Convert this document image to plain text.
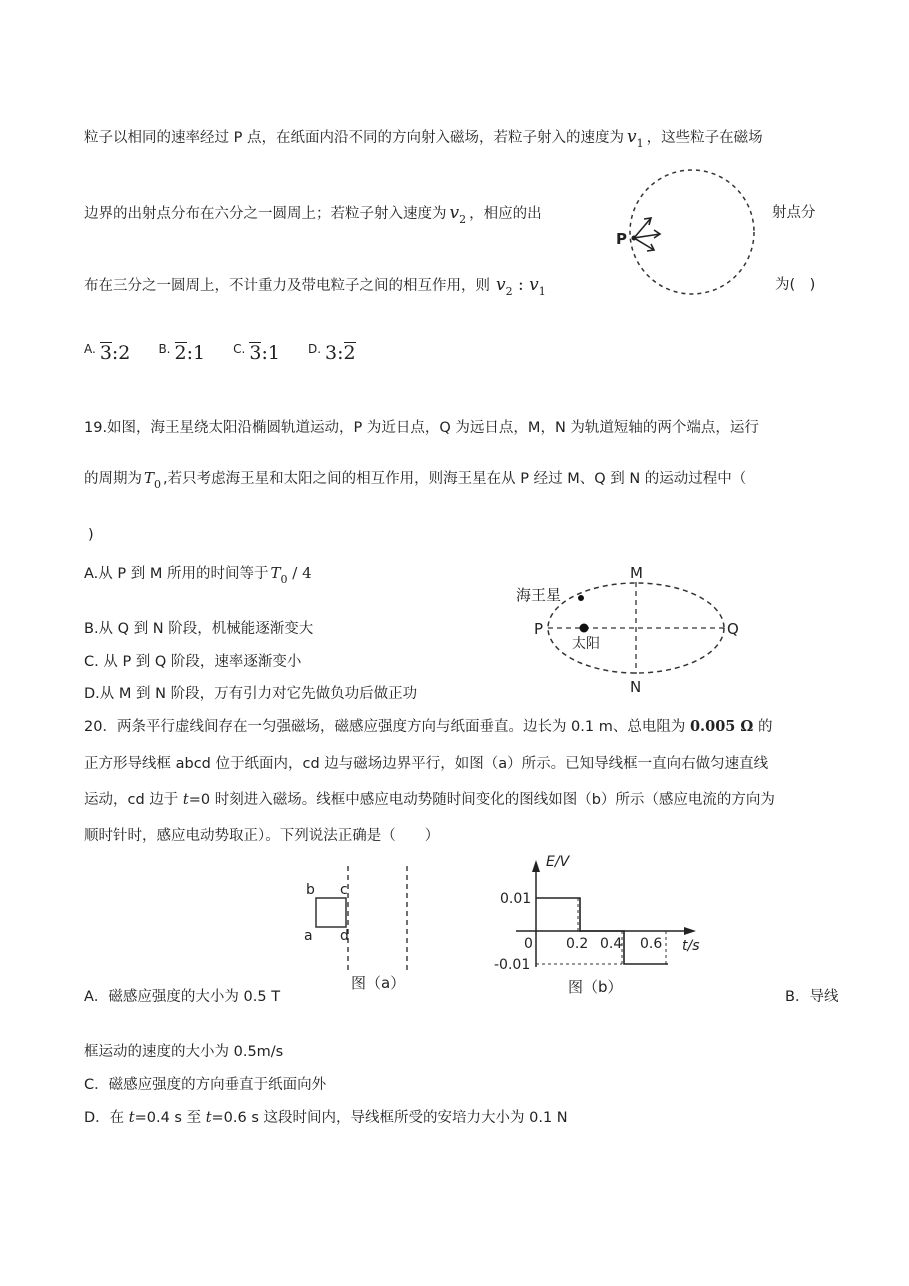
粒子以相同的速率经过 P 点，在纸面内沿不同的方向射入磁场，若粒子射入的速度为 $v_1$ ，这些粒子在磁场
边界的出射点分布在六分之一圆周上；若粒子射入速度为 $v_2$ ，相应的出	射点分
布在三分之一圆周上，不计重力及带电粒子之间的相互作用，则 $v_2$ : $v_1$	为(　)
P
$^{A.}$ 3:2 $^{B.}$ 2:1 $^{C.}$ 3:1 $^{D.}$ 3:2
19.如图，海王星绕太阳沿椭圆轨道运动，P 为近日点，Q 为远日点，M，N 为轨道短轴的两个端点，运行
的周期为 $T_0$ ,若只考虑海王星和太阳之间的相互作用，则海王星在从 P 经过 M、Q 到 N 的运动过程中（
)
A.从 P 到 M 所用的时间等于 $T_0 / 4$
B.从 Q 到 N 阶段，机械能逐渐变大
C. 从 P 到 Q 阶段，速率逐渐变小
D.从 M 到 N 阶段，万有引力对它先做负功后做正功
M
N
P	Q
海王星
太阳
20．两条平行虚线间存在一匀强磁场，磁感应强度方向与纸面垂直。边长为 0.1 m、总电阻为 0.005 Ω 的
正方形导线框 abcd 位于纸面内，cd 边与磁场边界平行，如图（a）所示。已知导线框一直向右做匀速直线
运动，cd 边于 t=0 时刻进入磁场。线框中感应电动势随时间变化的图线如图（b）所示（感应电流的方向为
顺时针时，感应电动势取正）。下列说法正确是（　　）
b c
a d
图（a）
E/V
t/s
0.01
-0.01
0 0.2 0.4 0.6
图（b）
A．磁感应强度的大小为 0.5 T	B．导线
框运动的速度的大小为 0.5m/s
C．磁感应强度的方向垂直于纸面向外
D．在 t=0.4 s 至 t=0.6 s 这段时间内，导线框所受的安培力大小为 0.1 N
